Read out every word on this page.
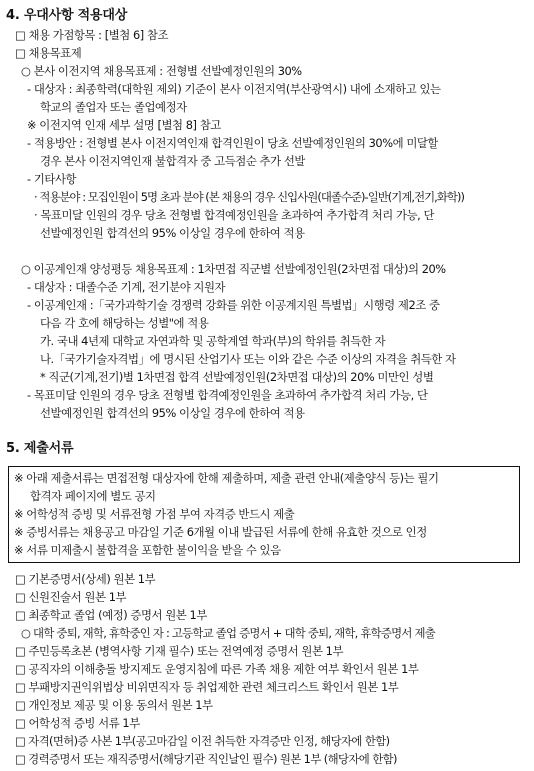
4. 우대사항 적용대상
□ 채용 가점항목 : [별첨 6] 참조
□ 채용목표제
○ 본사 이전지역 채용목표제 : 전형별 선발예정인원의 30%
- 대상자 : 최종학력(대학원 제외) 기준이 본사 이전지역(부산광역시) 내에 소재하고 있는
학교의 졸업자 또는 졸업예정자
※ 이전지역 인재 세부 설명 [별첨 8] 참고
- 적용방안 : 전형별 본사 이전지역인재 합격인원이 당초 선발예정인원의 30%에 미달할
경우 본사 이전지역인재 불합격자 중 고득점순 추가 선발
- 기타사항
· 적용분야 : 모집인원이 5명 초과 분야 (본 채용의 경우 신입사원(대졸수준)-일반(기계,전기,화학))
· 목표미달 인원의 경우 당초 전형별 합격예정인원을 초과하여 추가합격 처리 가능, 단
선발예정인원 합격선의 95% 이상일 경우에 한하여 적용
○ 이공계인재 양성평등 채용목표제 : 1차면접 직군별 선발예정인원(2차면접 대상)의 20%
- 대상자 : 대졸수준 기계, 전기분야 지원자
- 이공계인재 :「국가과학기술 경쟁력 강화를 위한 이공계지원 특별법」시행령 제2조 중
다음 각 호에 해당하는 성별"에 적용
가. 국내 4년제 대학교 자연과학 및 공학계열 학과(부)의 학위를 취득한 자
나.「국가기술자격법」에 명시된 산업기사 또는 이와 같은 수준 이상의 자격을 취득한 자
* 직군(기계,전기)별 1차면접 합격 선발예정인원(2차면접 대상)의 20% 미만인 성별
- 목표미달 인원의 경우 당초 전형별 합격예정인원을 초과하여 추가합격 처리 가능, 단
선발예정인원 합격선의 95% 이상일 경우에 한하여 적용
5. 제출서류
※ 아래 제출서류는 면접전형 대상자에 한해 제출하며, 제출 관련 안내(제출양식 등)는 필기
합격자 페이지에 별도 공지
※ 어학성적 증빙 및 서류전형 가점 부여 자격증 반드시 제출
※ 증빙서류는 채용공고 마감일 기준 6개월 이내 발급된 서류에 한해 유효한 것으로 인정
※ 서류 미제출시 불합격을 포함한 불이익을 받을 수 있음
□ 기본증명서(상세) 원본 1부
□ 신원진술서 원본 1부
□ 최종학교 졸업 (예정) 증명서 원본 1부
○ 대학 중퇴, 재학, 휴학중인 자 : 고등학교 졸업 증명서 + 대학 중퇴, 재학, 휴학증명서 제출
□ 주민등록초본 (병역사항 기재 필수) 또는 전역예정 증명서 원본 1부
□ 공직자의 이해충돌 방지제도 운영지침에 따른 가족 채용 제한 여부 확인서 원본 1부
□ 부패방지권익위법상 비위면직자 등 취업제한 관련 체크리스트 확인서 원본 1부
□ 개인정보 제공 및 이용 동의서 원본 1부
□ 어학성적 증빙 서류 1부
□ 자격(면허)증 사본 1부(공고마감일 이전 취득한 자격증만 인정, 해당자에 한함)
□ 경력증명서 또는 재직증명서(해당기관 직인날인 필수) 원본 1부 (해당자에 한함)
